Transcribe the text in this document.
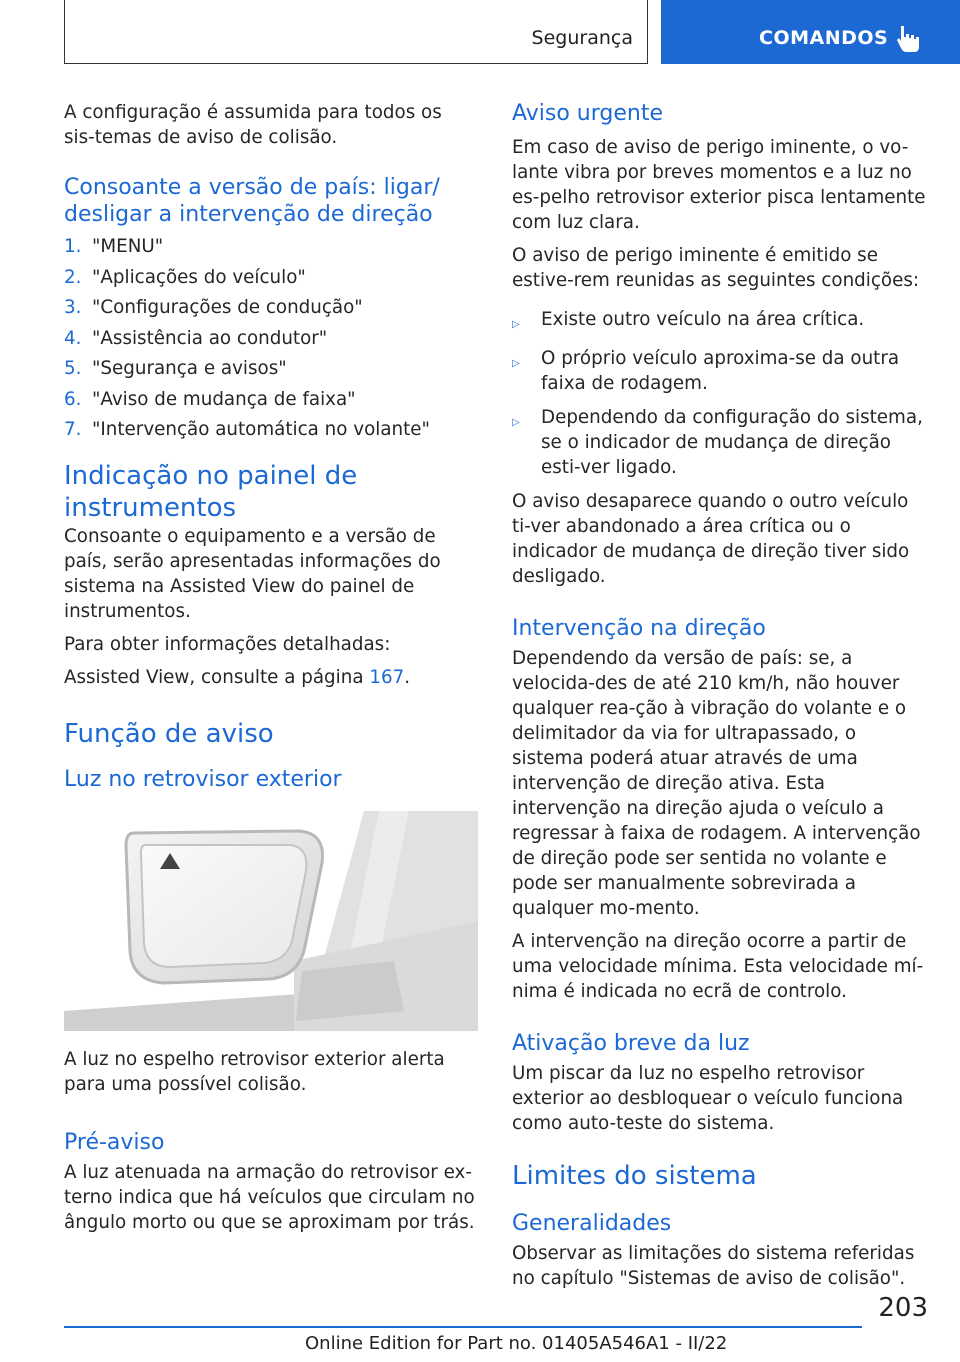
Segurança	COMANDOS

A configuração é assumida para todos os sis-temas de aviso de colisão.

Consoante a versão de país: ligar/
desligar a intervenção de direção
1. "MENU"
2. "Aplicações do veículo"
3. "Configurações de condução"
4. "Assistência ao condutor"
5. "Segurança e avisos"
6. "Aviso de mudança de faixa"
7. "Intervenção automática no volante"
Indicação no painel de instrumentos

Consoante o equipamento e a versão de país, serão apresentadas informações do sistema na Assisted View do painel de instrumentos.

Para obter informações detalhadas:

Assisted View, consulte a página 167.

Função de aviso
Luz no retrovisor exterior

A luz no espelho retrovisor exterior alerta para uma possível colisão.

Pré-aviso

A luz atenuada na armação do retrovisor ex-terno indica que há veículos que circulam no ângulo morto ou que se aproximam por trás.

Aviso urgente

Em caso de aviso de perigo iminente, o vo-lante vibra por breves momentos e a luz no es-pelho retrovisor exterior pisca lentamente com luz clara.

O aviso de perigo iminente é emitido se estive-rem reunidas as seguintes condições:

▷	Existe outro veículo na área crítica.
▷	O próprio veículo aproxima-se da outra faixa de rodagem.
▷	Dependendo da configuração do sistema, se o indicador de mudança de direção esti-ver ligado.

O aviso desaparece quando o outro veículo ti-ver abandonado a área crítica ou o indicador de mudança de direção tiver sido desligado.

Intervenção na direção

Dependendo da versão de país: se, a velocida-des de até 210 km/h, não houver qualquer rea-ção à vibração do volante e o delimitador da via for ultrapassado, o sistema poderá atuar através de uma intervenção de direção ativa. Esta intervenção na direção ajuda o veículo a regressar à faixa de rodagem. A intervenção de direção pode ser sentida no volante e pode ser manualmente sobrevirada a qualquer mo-mento.

A intervenção na direção ocorre a partir de uma velocidade mínima. Esta velocidade mí-nima é indicada no ecrã de controlo.

Ativação breve da luz

Um piscar da luz no espelho retrovisor exterior ao desbloquear o veículo funciona como auto-teste do sistema.

Limites do sistema
Generalidades

Observar as limitações do sistema referidas no capítulo "Sistemas de aviso de colisão".

203
Online Edition for Part no. 01405A546A1 - II/22
